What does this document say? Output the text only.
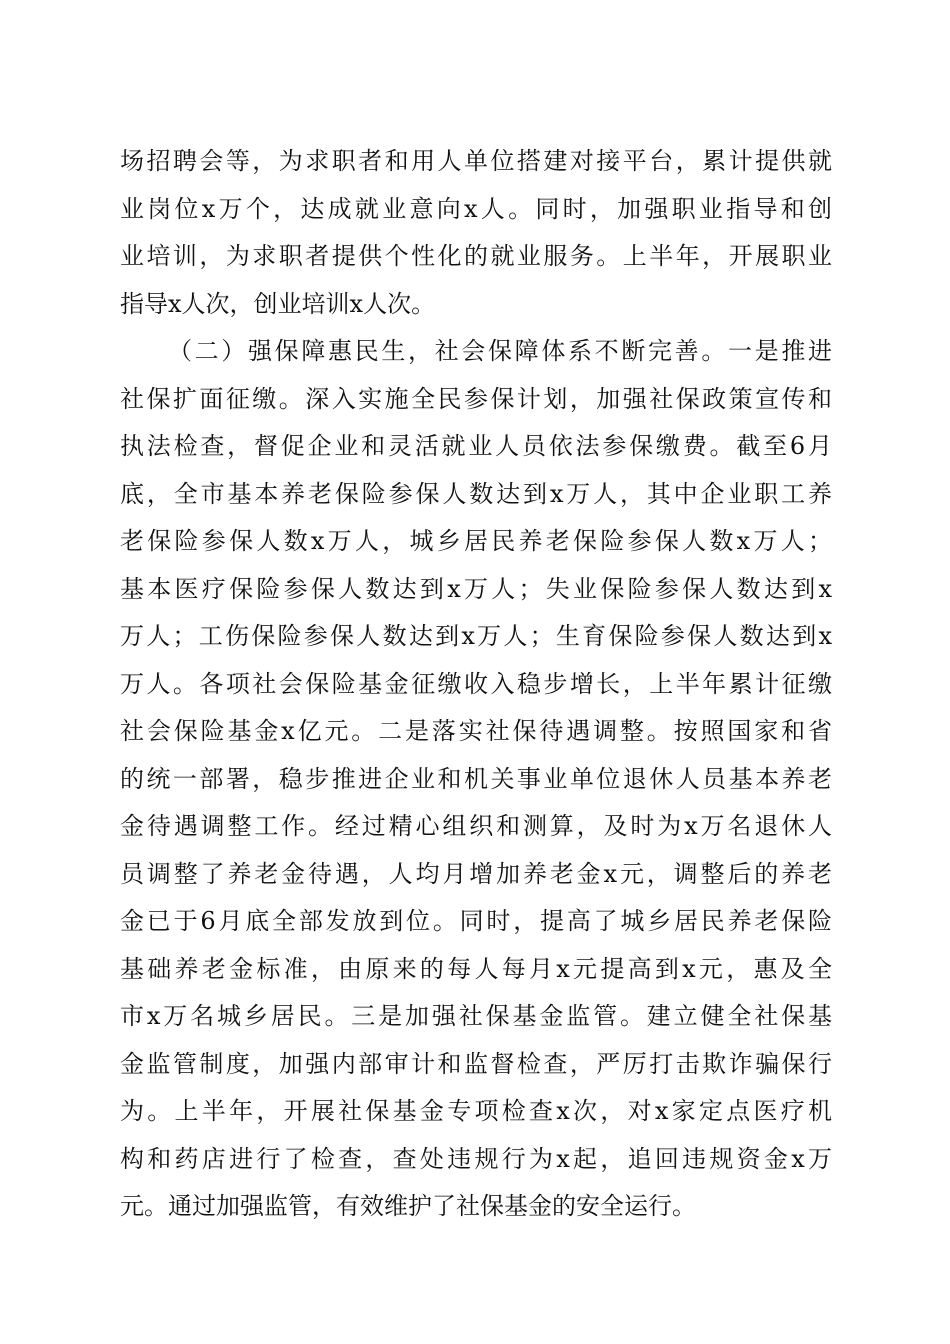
场招聘会等，为求职者和用人单位搭建对接平台，累计提供就
业岗位x万个，达成就业意向x人。同时，加强职业指导和创
业培训，为求职者提供个性化的就业服务。上半年，开展职业
指导x人次，创业培训x人次。
（二）强保障惠民生，社会保障体系不断完善。一是推进
社保扩面征缴。深入实施全民参保计划，加强社保政策宣传和
执法检查，督促企业和灵活就业人员依法参保缴费。截至6月
底，全市基本养老保险参保人数达到x万人，其中企业职工养
老保险参保人数x万人，城乡居民养老保险参保人数x万人；
基本医疗保险参保人数达到x万人；失业保险参保人数达到x
万人；工伤保险参保人数达到x万人；生育保险参保人数达到x
万人。各项社会保险基金征缴收入稳步增长，上半年累计征缴
社会保险基金x亿元。二是落实社保待遇调整。按照国家和省
的统一部署，稳步推进企业和机关事业单位退休人员基本养老
金待遇调整工作。经过精心组织和测算，及时为x万名退休人
员调整了养老金待遇，人均月增加养老金x元，调整后的养老
金已于6月底全部发放到位。同时，提高了城乡居民养老保险
基础养老金标准，由原来的每人每月x元提高到x元，惠及全
市x万名城乡居民。三是加强社保基金监管。建立健全社保基
金监管制度，加强内部审计和监督检查，严厉打击欺诈骗保行
为。上半年，开展社保基金专项检查x次，对x家定点医疗机
构和药店进行了检查，查处违规行为x起，追回违规资金x万
元。通过加强监管，有效维护了社保基金的安全运行。
